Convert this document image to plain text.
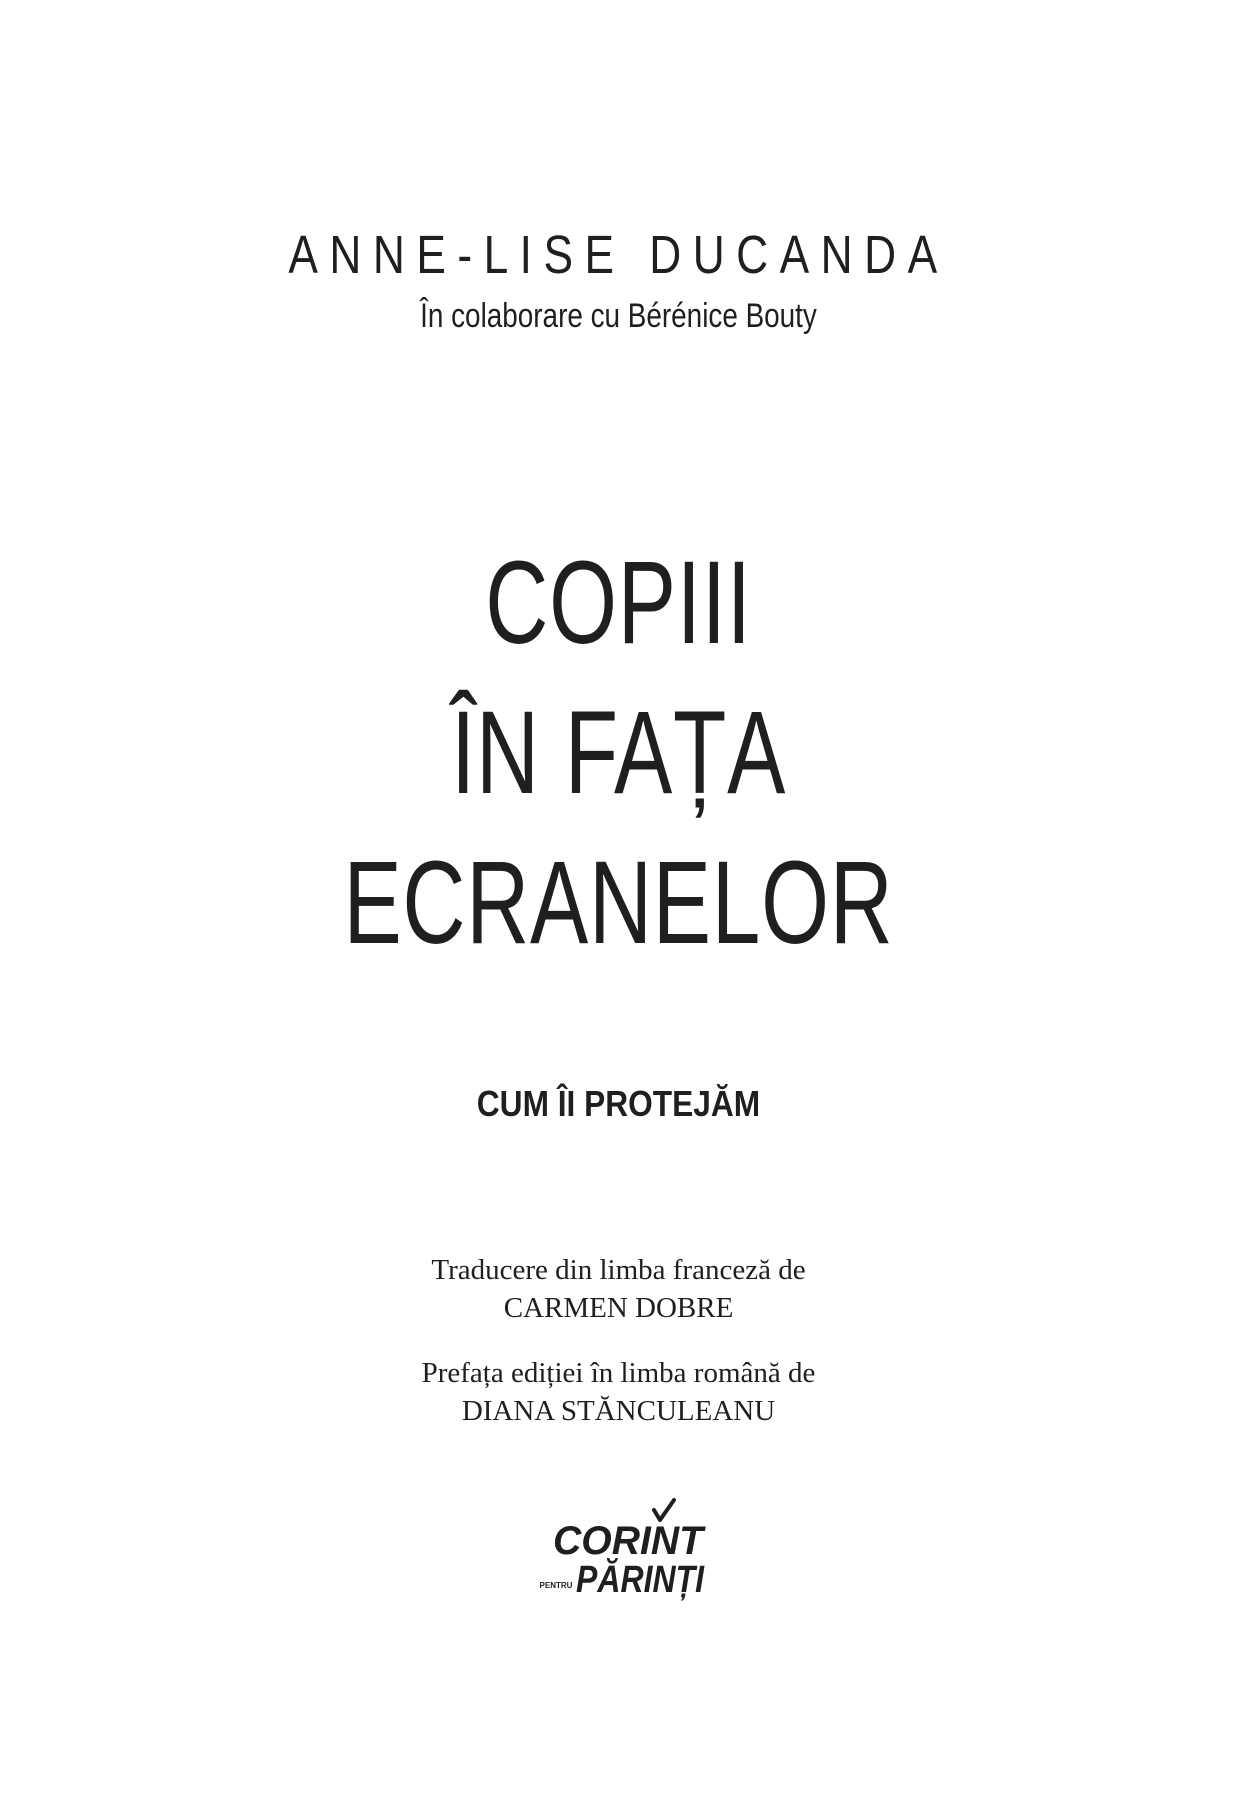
ANNE-LISE DUCANDA
În colaborare cu Bérénice Bouty
COPIII
ÎN FAȚA
ECRANELOR
CUM ÎI PROTEJĂM
Traducere din limba franceză de
CARMEN DOBRE
Prefața ediției în limba română de
DIANA STĂNCULEANU
CORINT
PENTRU PĂRINȚI
